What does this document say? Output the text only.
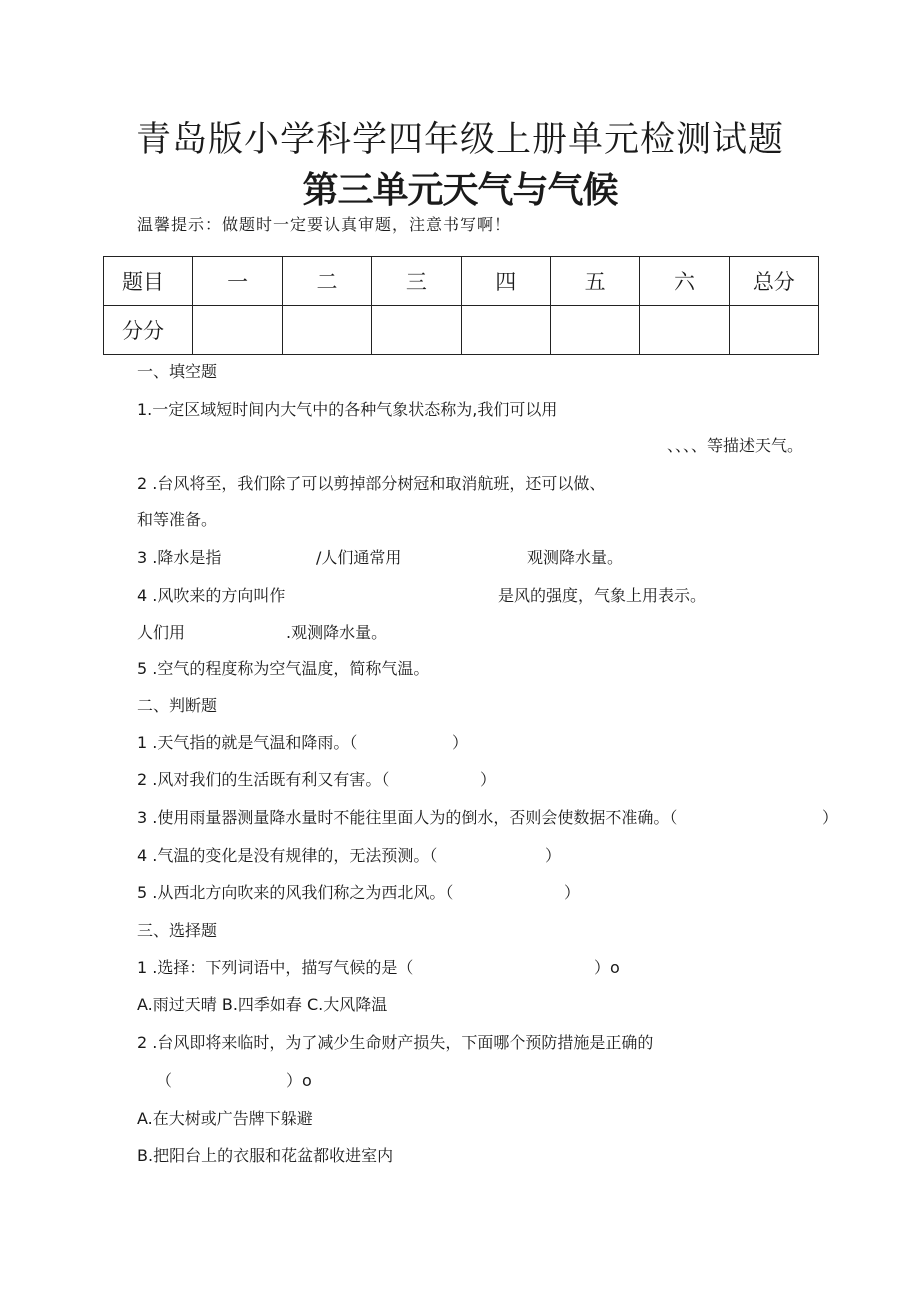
青岛版小学科学四年级上册单元检测试题
第三单元天气与气候
温馨提示：做题时一定要认真审题，注意书写啊！
题目	一	二	三	四	五	六	总分
分分							
一、填空题
1.一定区域短时间内大气中的各种气象状态称为,我们可以用
、、、、等描述天气。
2 .台风将至，我们除了可以剪掉部分树冠和取消航班，还可以做、
和等准备。
3 .降水是指	/人们通常用	观测降水量。
4 .风吹来的方向叫作	是风的强度，气象上用表示。
人们用	.观测降水量。
5 .空气的程度称为空气温度，简称气温。
二、判断题
1 .天气指的就是气温和降雨。（	）
2 .风对我们的生活既有利又有害。（	）
3 .使用雨量器测量降水量时不能往里面人为的倒水，否则会使数据不准确。（	）
4 .气温的变化是没有规律的，无法预测。（	）
5 .从西北方向吹来的风我们称之为西北风。（	）
三、选择题
1 .选择：下列词语中，描写气候的是（	）o
A.雨过天晴 B.四季如春 C.大风降温
2 .台风即将来临时，为了减少生命财产损失，下面哪个预防措施是正确的
（	）o
A.在大树或广告牌下躲避
B.把阳台上的衣服和花盆都收进室内
